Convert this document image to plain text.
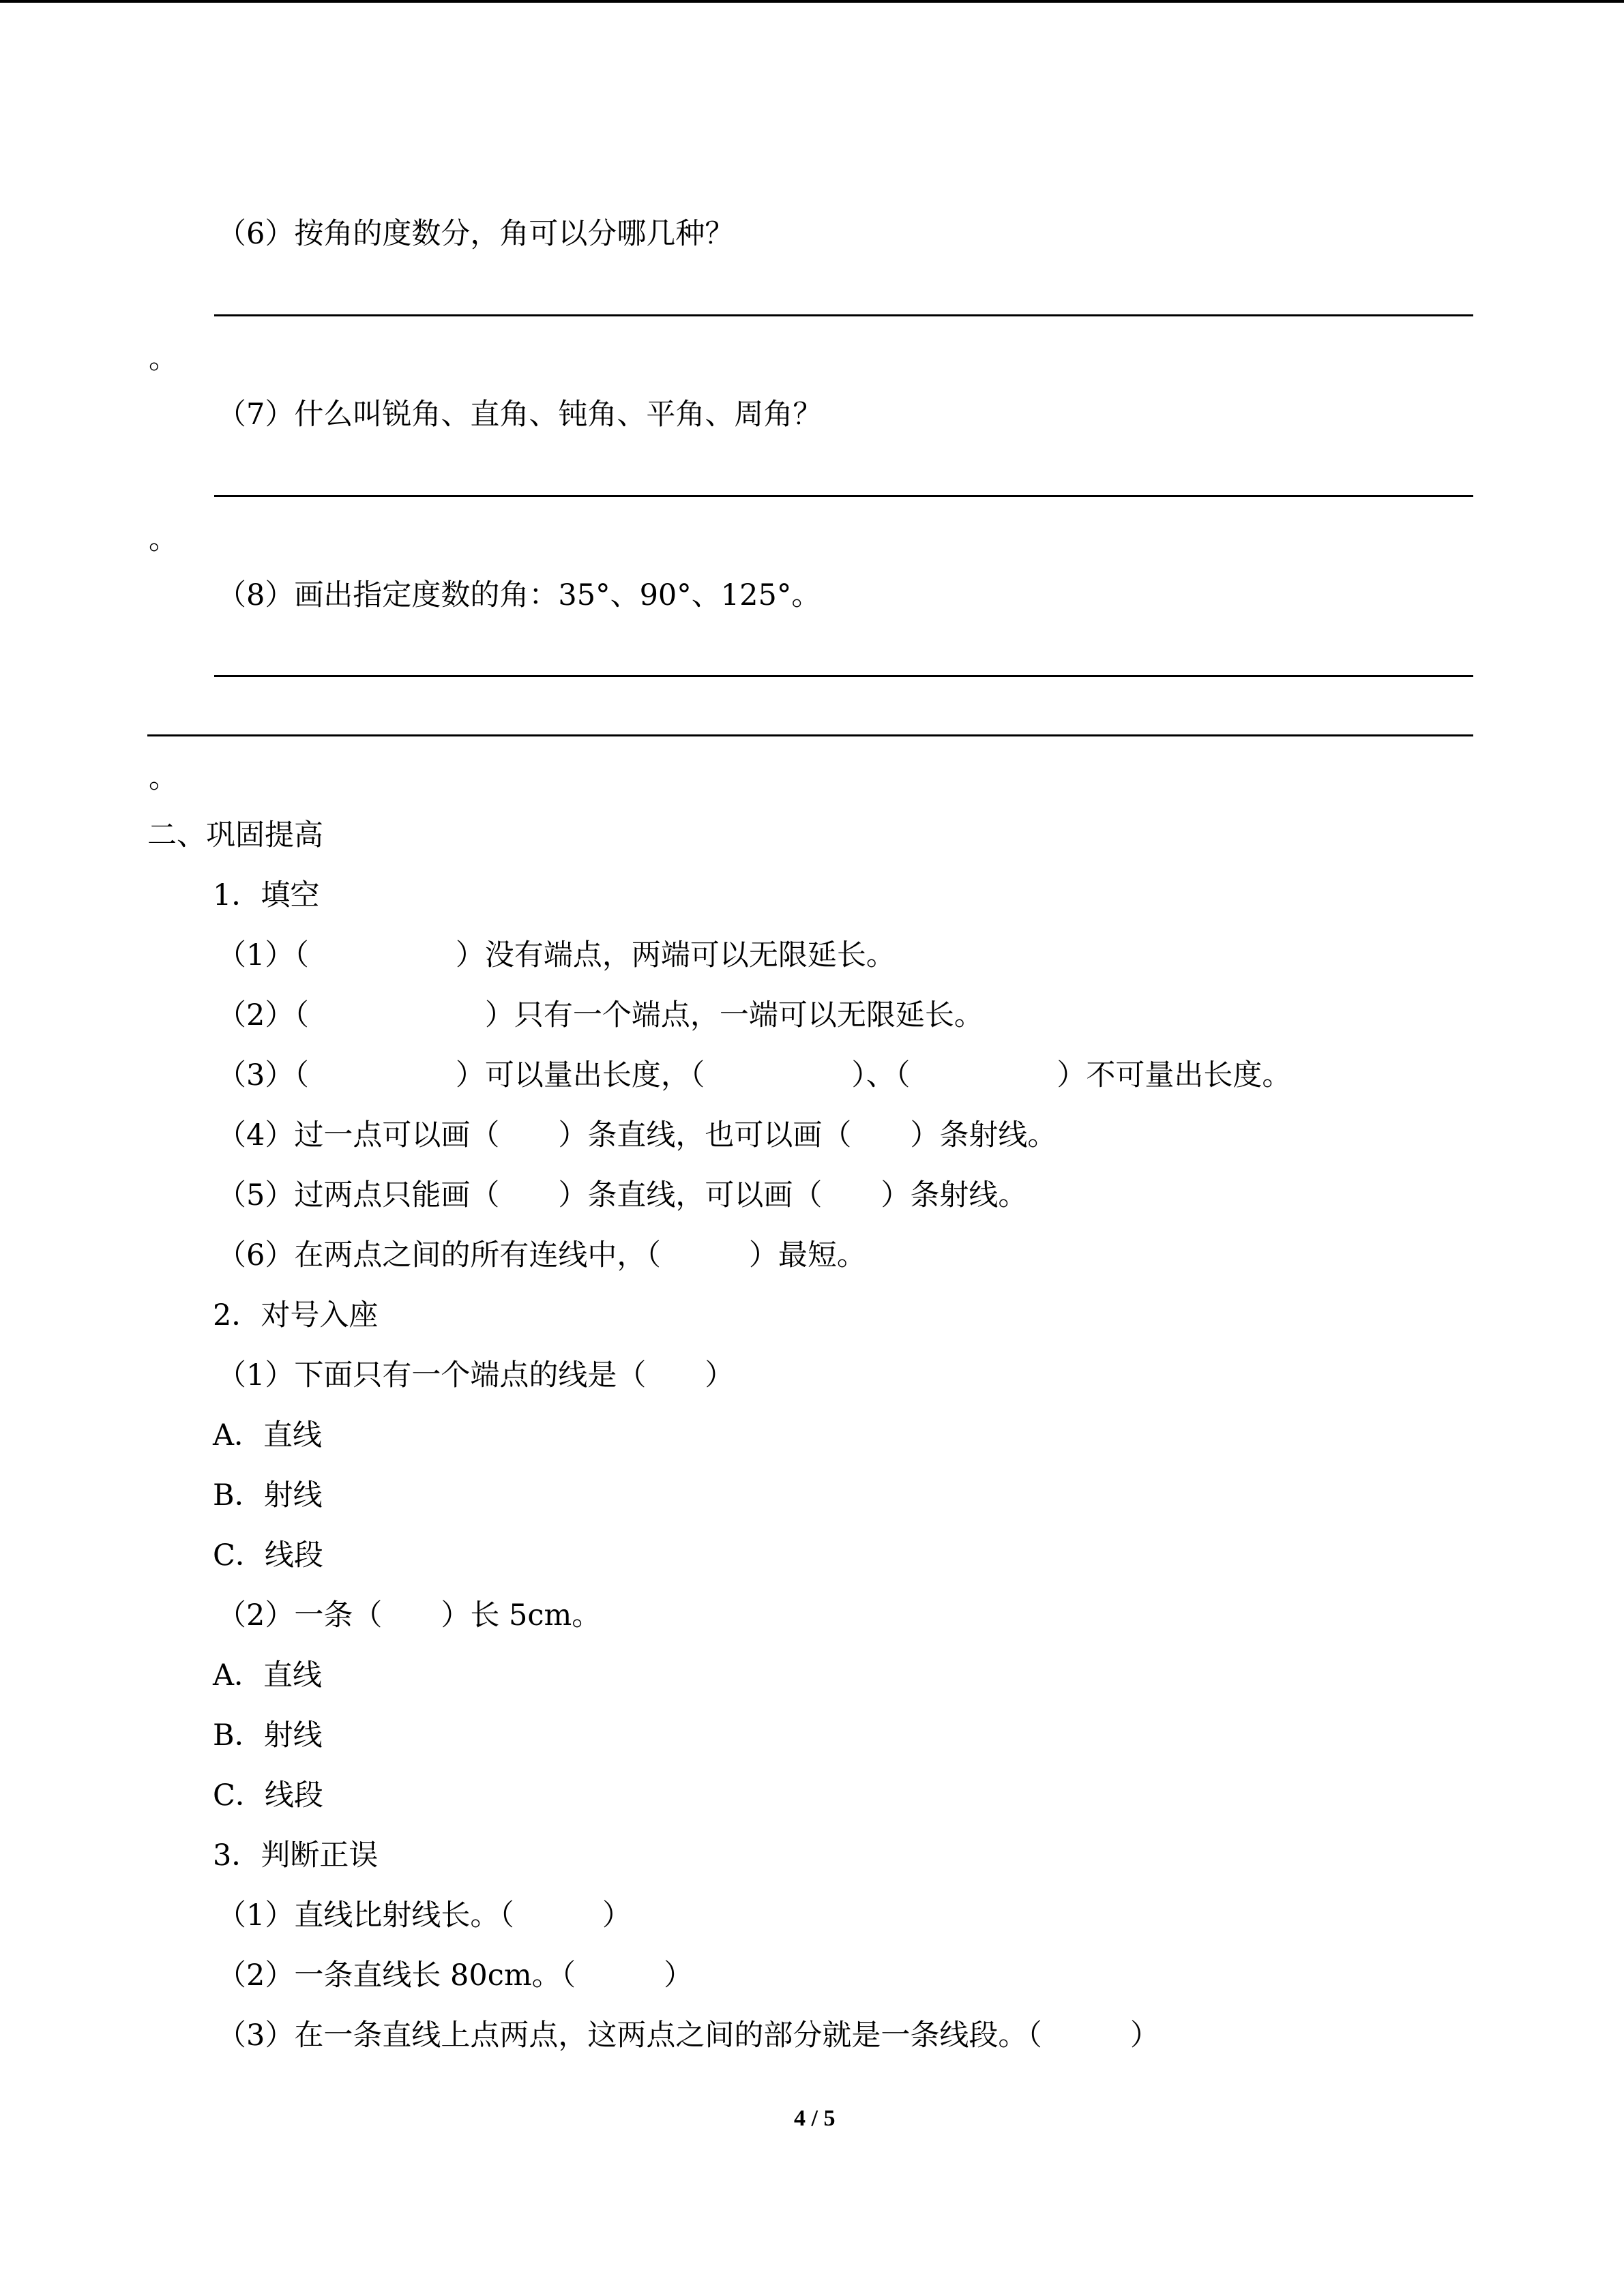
（6）按角的度数分，角可以分哪几种？
。
（7）什么叫锐角、直角、钝角、平角、周角？
。
（8）画出指定度数的角：35°、90°、125°。
。
二、巩固提高
1．填空
（1）（　　　　　）没有端点，两端可以无限延长。
（2）（　　　　　　）只有一个端点，一端可以无限延长。
（3）（　　　　　）可以量出长度，（　　　　　）、（　　　　　）不可量出长度。
（4）过一点可以画（　　）条直线，也可以画（　　）条射线。
（5）过两点只能画（　　）条直线，可以画（　　）条射线。
（6）在两点之间的所有连线中，（　　　）最短。
2．对号入座
（1）下面只有一个端点的线是（　　）
A．直线
B．射线
C．线段
（2）一条（　　）长 5cm。
A．直线
B．射线
C．线段
3．判断正误
（1）直线比射线长。（　　　）
（2）一条直线长 80cm。（　　　）
（3）在一条直线上点两点，这两点之间的部分就是一条线段。（　　　）
4 / 5
